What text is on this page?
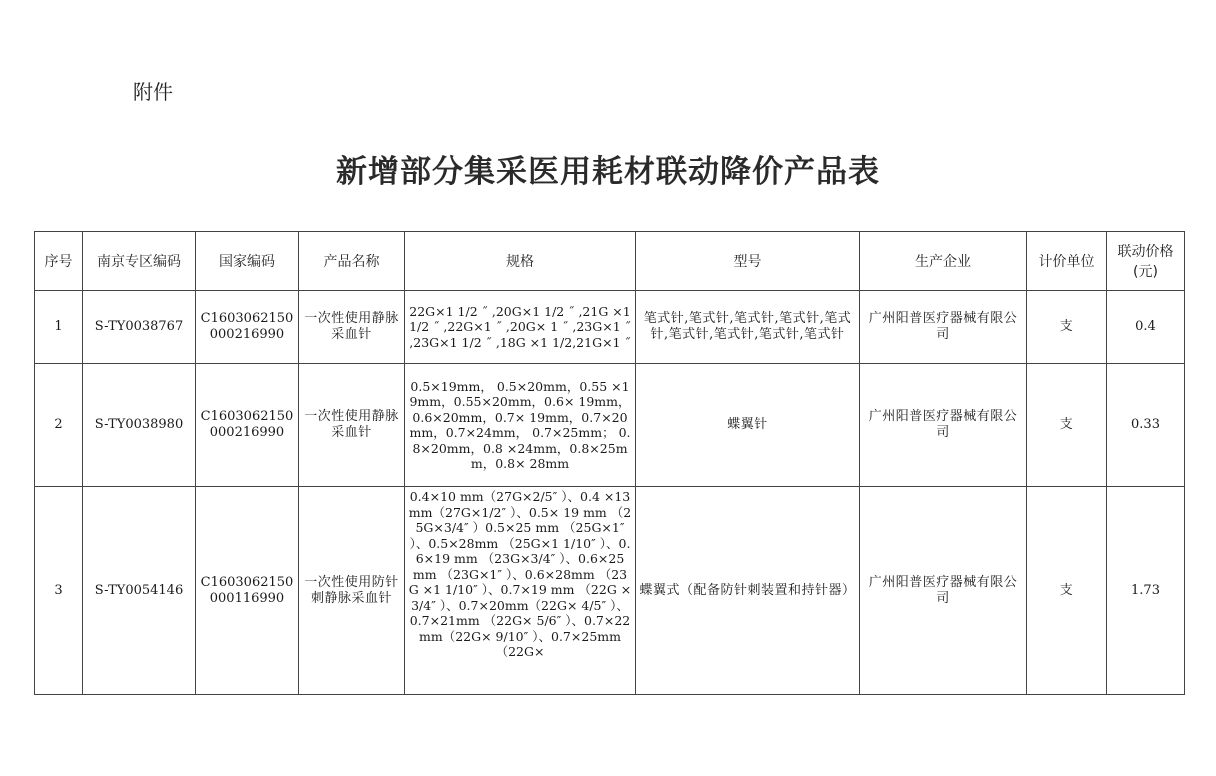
附件
新增部分集采医用耗材联动降价产品表
序号	南京专区编码	国家编码	产品名称	规格	型号	生产企业	计价单位	联动价格(元)
1	S-TY0038767	C1603062150 000216990	一次性使用静脉采血针	22G×1 1/2 ˝ ,20G×1 1/2 ˝ ,21G ×1 1/2 ˝ ,22G×1 ˝ ,20G× 1 ˝ ,23G×1 ˝ ,23G×1 1/2 ˝ ,18G ×1 1/2,21G×1 ˝	笔式针,笔式针,笔式针,笔式针,笔式针,笔式针,笔式针,笔式针,笔式针	广州阳普医疗器械有限公司	支	0.4
2	S-TY0038980	C1603062150 000216990	一次性使用静脉采血针	0.5×19mm， 0.5×20mm，0.55 ×19mm，0.55×20mm，0.6× 19mm， 0.6×20mm，0.7× 19mm，0.7×20mm，0.7×24mm， 0.7×25mm； 0.8×20mm，0.8 ×24mm，0.8×25mm，0.8× 28mm	蝶翼针	广州阳普医疗器械有限公司	支	0.33
3	S-TY0054146	C1603062150 000116990	一次性使用防针刺静脉采血针	0.4×10 mm（27G×2/5″ ）、0.4 ×13 mm（27G×1/2″ ）、0.5× 19 mm （25G×3/4″ ）0.5×25 mm （25G×1″ ）、0.5×28mm （25G×1 1/10″ ）、0.6×19 mm （23G×3/4″ ）、0.6×25 mm （23G×1″ ）、0.6×28mm （23G ×1 1/10″ ）、0.7×19 mm （22G ×3/4″ ）、0.7×20mm（22G× 4/5″ ）、0.7×21mm （22G× 5/6″ ）、0.7×22mm（22G× 9/10″ ）、0.7×25mm （22G×	蝶翼式（配备防针刺装置和持针器）	广州阳普医疗器械有限公司	支	1.73
